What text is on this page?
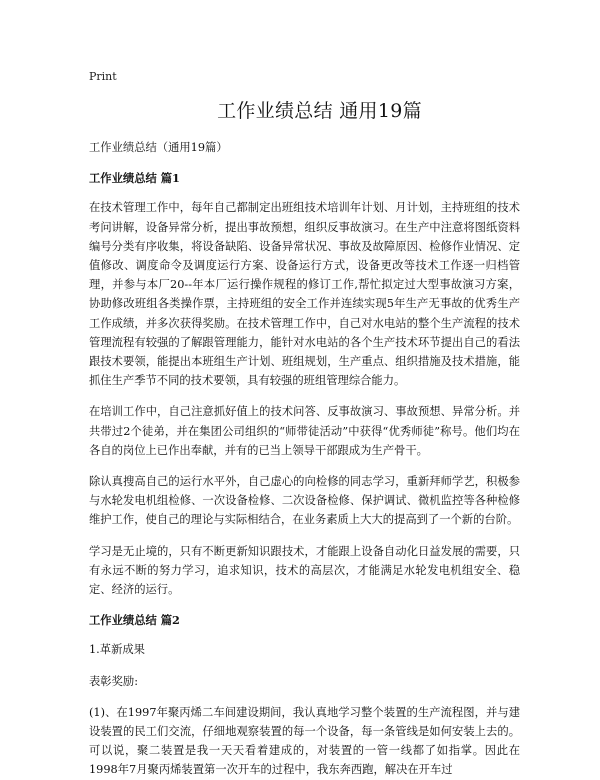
Print
工作业绩总结 通用19篇
工作业绩总结（通用19篇）
工作业绩总结 篇1
在技术管理工作中，每年自己都制定出班组技术培训年计划、月计划，主持班组的技术考问讲解，设备异常分析，提出事故预想，组织反事故演习。在生产中注意将图纸资料编号分类有序收集，将设备缺陷、设备异常状况、事故及故障原因、检修作业情况、定值修改、调度命令及调度运行方案、设备运行方式，设备更改等技术工作逐一归档管理，并参与本厂20--年本厂运行操作规程的修订工作,帮忙拟定过大型事故演习方案，协助修改班组各类操作票，主持班组的安全工作并连续实现5年生产无事故的优秀生产工作成绩，并多次获得奖励。在技术管理工作中，自己对水电站的整个生产流程的技术管理流程有较强的了解跟管理能力，能针对水电站的各个生产技术环节提出自己的看法跟技术要领，能提出本班组生产计划、班组规划，生产重点、组织措施及技术措施，能抓住生产季节不同的技术要领，具有较强的班组管理综合能力。
在培训工作中，自己注意抓好值上的技术问答、反事故演习、事故预想、异常分析。并共带过2个徒弟，并在集团公司组织的“师带徒活动”中获得“优秀师徒”称号。他们均在各自的岗位上已作出奉献，并有的已当上领导干部跟成为生产骨干。
除认真搜高自己的运行水平外，自己虚心的向检修的同志学习，重新拜师学艺，积极参与水轮发电机组检修、一次设备检修、二次设备检修、保护调试、微机监控等各种检修维护工作，使自己的理论与实际相结合，在业务素质上大大的提高到了一个新的台阶。
学习是无止境的，只有不断更新知识跟技术，才能跟上设备自动化日益发展的需要，只有永远不断的努力学习，追求知识，技术的高层次，才能满足水轮发电机组安全、稳定、经济的运行。
工作业绩总结 篇2
1.革新成果
表彰奖励:
(1)、在1997年聚丙烯二车间建设期间，我认真地学习整个装置的生产流程图，并与建设装置的民工们交流，仔细地观察装置的每一个设备，每一条管线是如何安装上去的。可以说，聚二装置是我一天天看着建成的，对装置的一管一线都了如指掌。因此在1998年7月聚丙烯装置第一次开车的过程中，我东奔西跑，解决在开车过
